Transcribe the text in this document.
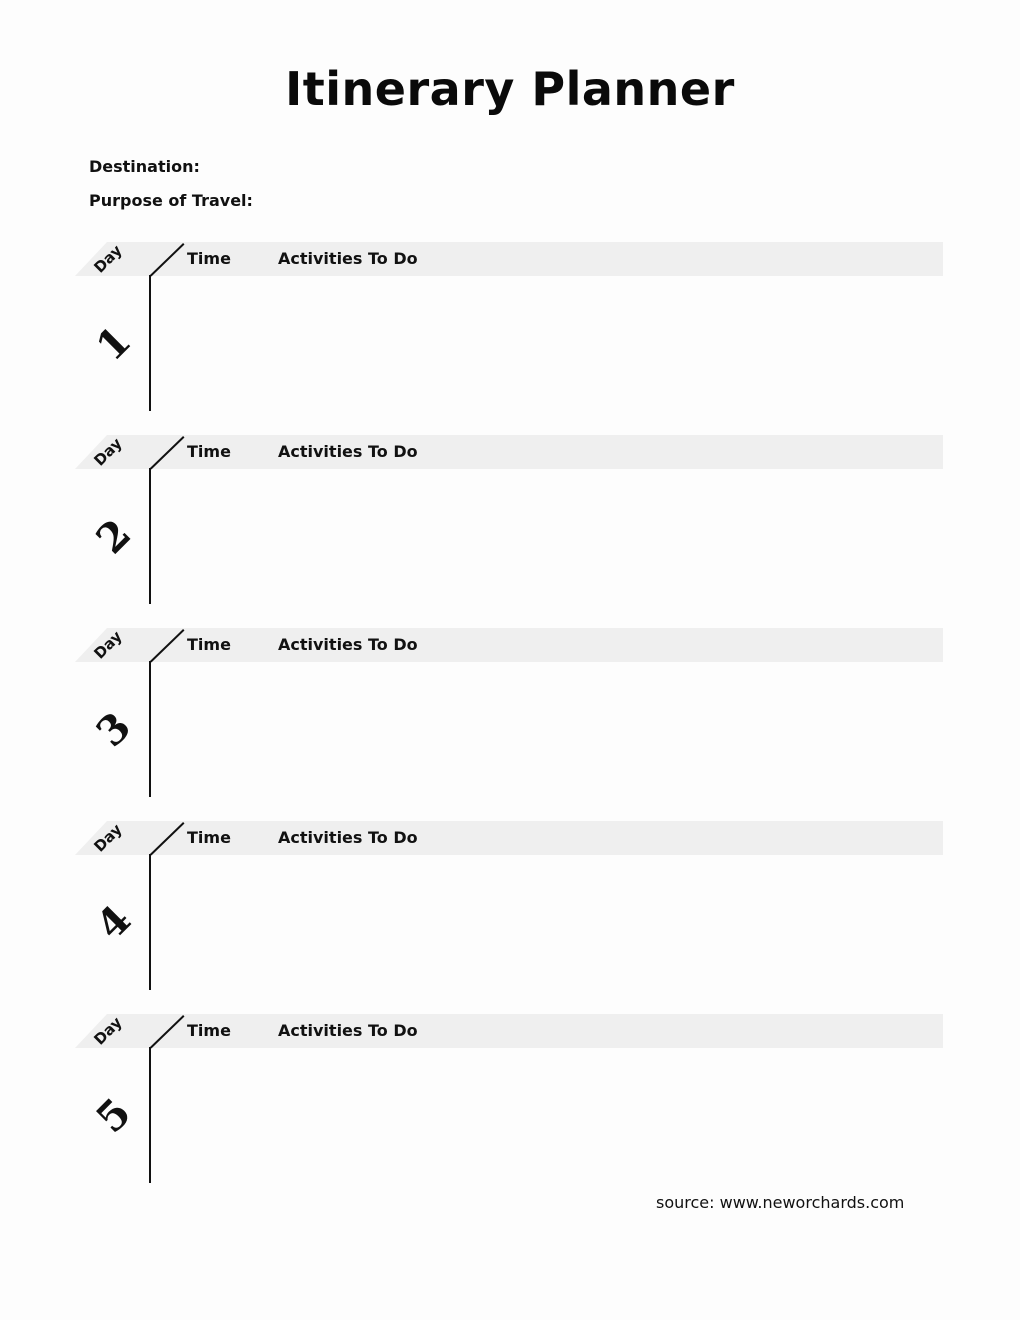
Itinerary Planner
Destination:
Purpose of Travel:
Day	Time	Activities To Do
1
Day	Time	Activities To Do
2
Day	Time	Activities To Do
3
Day	Time	Activities To Do
4
Day	Time	Activities To Do
5
source: www.neworchards.com
